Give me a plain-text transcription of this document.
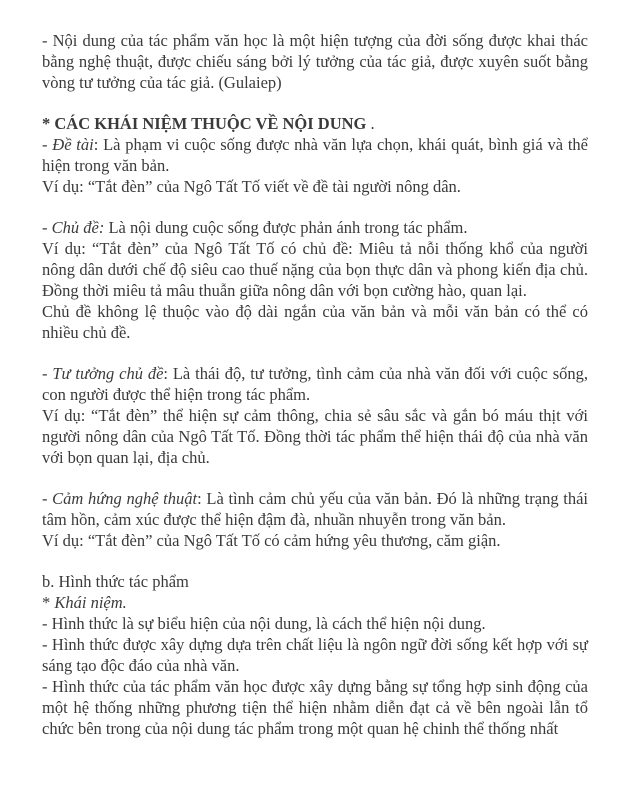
- Nội dung của tác phẩm văn học là một hiện tượng của đời sống được khai thác bằng nghệ thuật, được chiếu sáng bởi lý tưởng của tác giả, được xuyên suốt bằng vòng tư tưởng của tác giả. (Gulaiep)

* CÁC KHÁI NIỆM THUỘC VỀ NỘI DUNG .

- Đề tài: Là phạm vi cuộc sống được nhà văn lựa chọn, khái quát, bình giá và thể hiện trong văn bản.

Ví dụ: “Tắt đèn” của Ngô Tất Tố viết về đề tài người nông dân.

- Chủ đề: Là nội dung cuộc sống được phản ánh trong tác phẩm.

Ví dụ: “Tắt đèn” của Ngô Tất Tố có chủ đề: Miêu tả nỗi thống khổ của người nông dân dưới chế độ siêu cao thuế nặng của bọn thực dân và phong kiến địa chủ. Đồng thời miêu tả mâu thuẫn giữa nông dân với bọn cường hào, quan lại.

Chủ đề không lệ thuộc vào độ dài ngắn của văn bản và mỗi văn bản có thể có nhiều chủ đề.

- Tư tưởng chủ đề: Là thái độ, tư tưởng, tình cảm của nhà văn đối với cuộc sống, con người được thể hiện trong tác phẩm.

Ví dụ: “Tắt đèn” thể hiện sự cảm thông, chia sẻ sâu sắc và gắn bó máu thịt với người nông dân của Ngô Tất Tố. Đồng thời tác phẩm thể hiện thái độ của nhà văn với bọn quan lại, địa chủ.

- Cảm hứng nghệ thuật: Là tình cảm chủ yếu của văn bản. Đó là những trạng thái tâm hồn, cảm xúc được thể hiện đậm đà, nhuần nhuyễn trong văn bản.

Ví dụ: “Tắt đèn” của Ngô Tất Tố có cảm hứng yêu thương, căm giận.

b. Hình thức tác phẩm

* Khái niệm.

- Hình thức là sự biểu hiện của nội dung, là cách thể hiện nội dung.

- Hình thức được xây dựng dựa trên chất liệu là ngôn ngữ đời sống kết hợp với sự sáng tạo độc đáo của nhà văn.

- Hình thức của tác phẩm văn học được xây dựng bằng sự tổng hợp sinh động của một hệ thống những phương tiện thể hiện nhằm diễn đạt cả về bên ngoài lẫn tổ chức bên trong của nội dung tác phẩm trong một quan hệ chinh thể thống nhất
